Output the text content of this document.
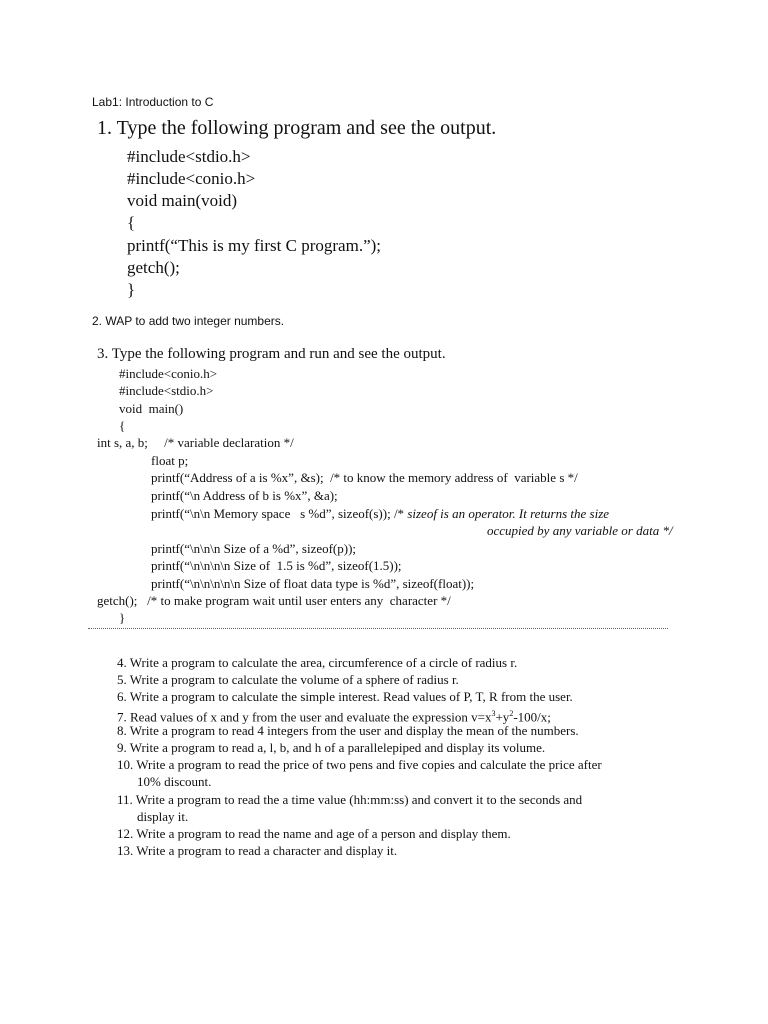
Lab1: Introduction to C
1. Type the following program and see the output.
#include<stdio.h>
#include<conio.h>
void main(void)
{
printf(“This is my first C program.”);
getch();
}
2. WAP to add two integer numbers.
3. Type the following program and run and see the output.
#include<conio.h>
#include<stdio.h>
void  main()
{
int s, a, b;     /* variable declaration */
float p;
printf(“Address of a is %x”, &s);  /* to know the memory address of  variable s */
printf(“\n Address of b is %x”, &a);
printf(“\n\n Memory space   s %d”, sizeof(s)); /* sizeof is an operator. It returns the size
occupied by any variable or data */
printf(“\n\n\n Size of a %d”, sizeof(p));
printf(“\n\n\n\n Size of  1.5 is %d”, sizeof(1.5));
printf(“\n\n\n\n\n Size of float data type is %d”, sizeof(float));
getch();   /* to make program wait until user enters any  character */
}
4. Write a program to calculate the area, circumference of a circle of radius r.
5. Write a program to calculate the volume of a sphere of radius r.
6. Write a program to calculate the simple interest. Read values of P, T, R from the user.
7. Read values of x and y from the user and evaluate the expression $v=x^3+y^2-100/x$;
8. Write a program to read 4 integers from the user and display the mean of the numbers.
9. Write a program to read a, l, b, and h of a parallelepiped and display its volume.
10. Write a program to read the price of two pens and five copies and calculate the price after
10% discount.
11. Write a program to read the a time value (hh:mm:ss) and convert it to the seconds and
display it.
12. Write a program to read the name and age of a person and display them.
13. Write a program to read a character and display it.
